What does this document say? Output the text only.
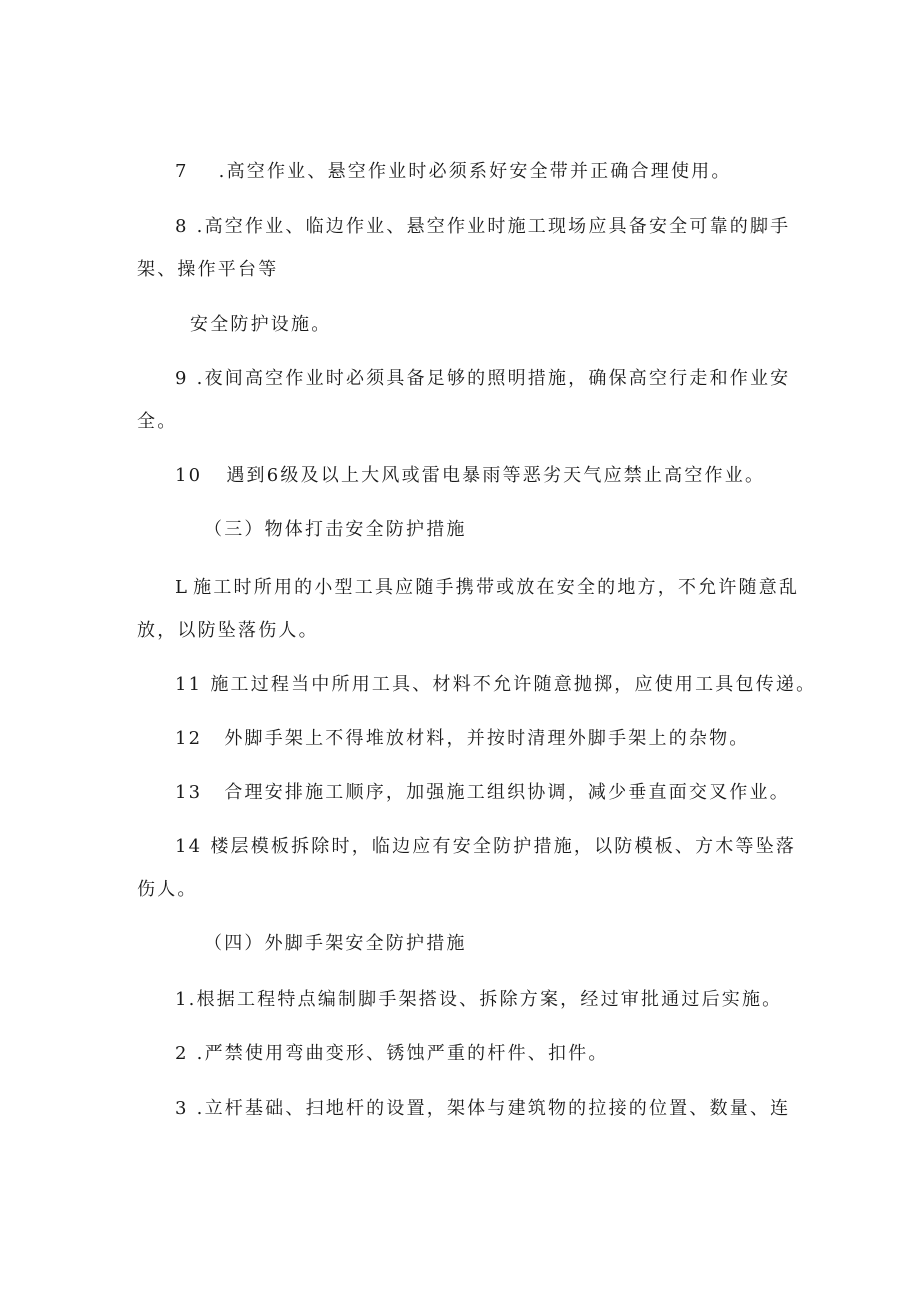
7 .高空作业、悬空作业时必须系好安全带并正确合理使用。
8 .高空作业、临边作业、悬空作业时施工现场应具备安全可靠的脚手
架、操作平台等
安全防护设施。
9 .夜间高空作业时必须具备足够的照明措施，确保高空行走和作业安
全。
10 遇到6级及以上大风或雷电暴雨等恶劣天气应禁止高空作业。
（三）物体打击安全防护措施
L 施工时所用的小型工具应随手携带或放在安全的地方，不允许随意乱
放，以防坠落伤人。
11 施工过程当中所用工具、材料不允许随意抛掷，应使用工具包传递。
12 外脚手架上不得堆放材料，并按时清理外脚手架上的杂物。
13 合理安排施工顺序，加强施工组织协调，减少垂直面交叉作业。
14 楼层模板拆除时，临边应有安全防护措施，以防模板、方木等坠落
伤人。
（四）外脚手架安全防护措施
1.根据工程特点编制脚手架搭设、拆除方案，经过审批通过后实施。
2 .严禁使用弯曲变形、锈蚀严重的杆件、扣件。
3 .立杆基础、扫地杆的设置，架体与建筑物的拉接的位置、数量、连
